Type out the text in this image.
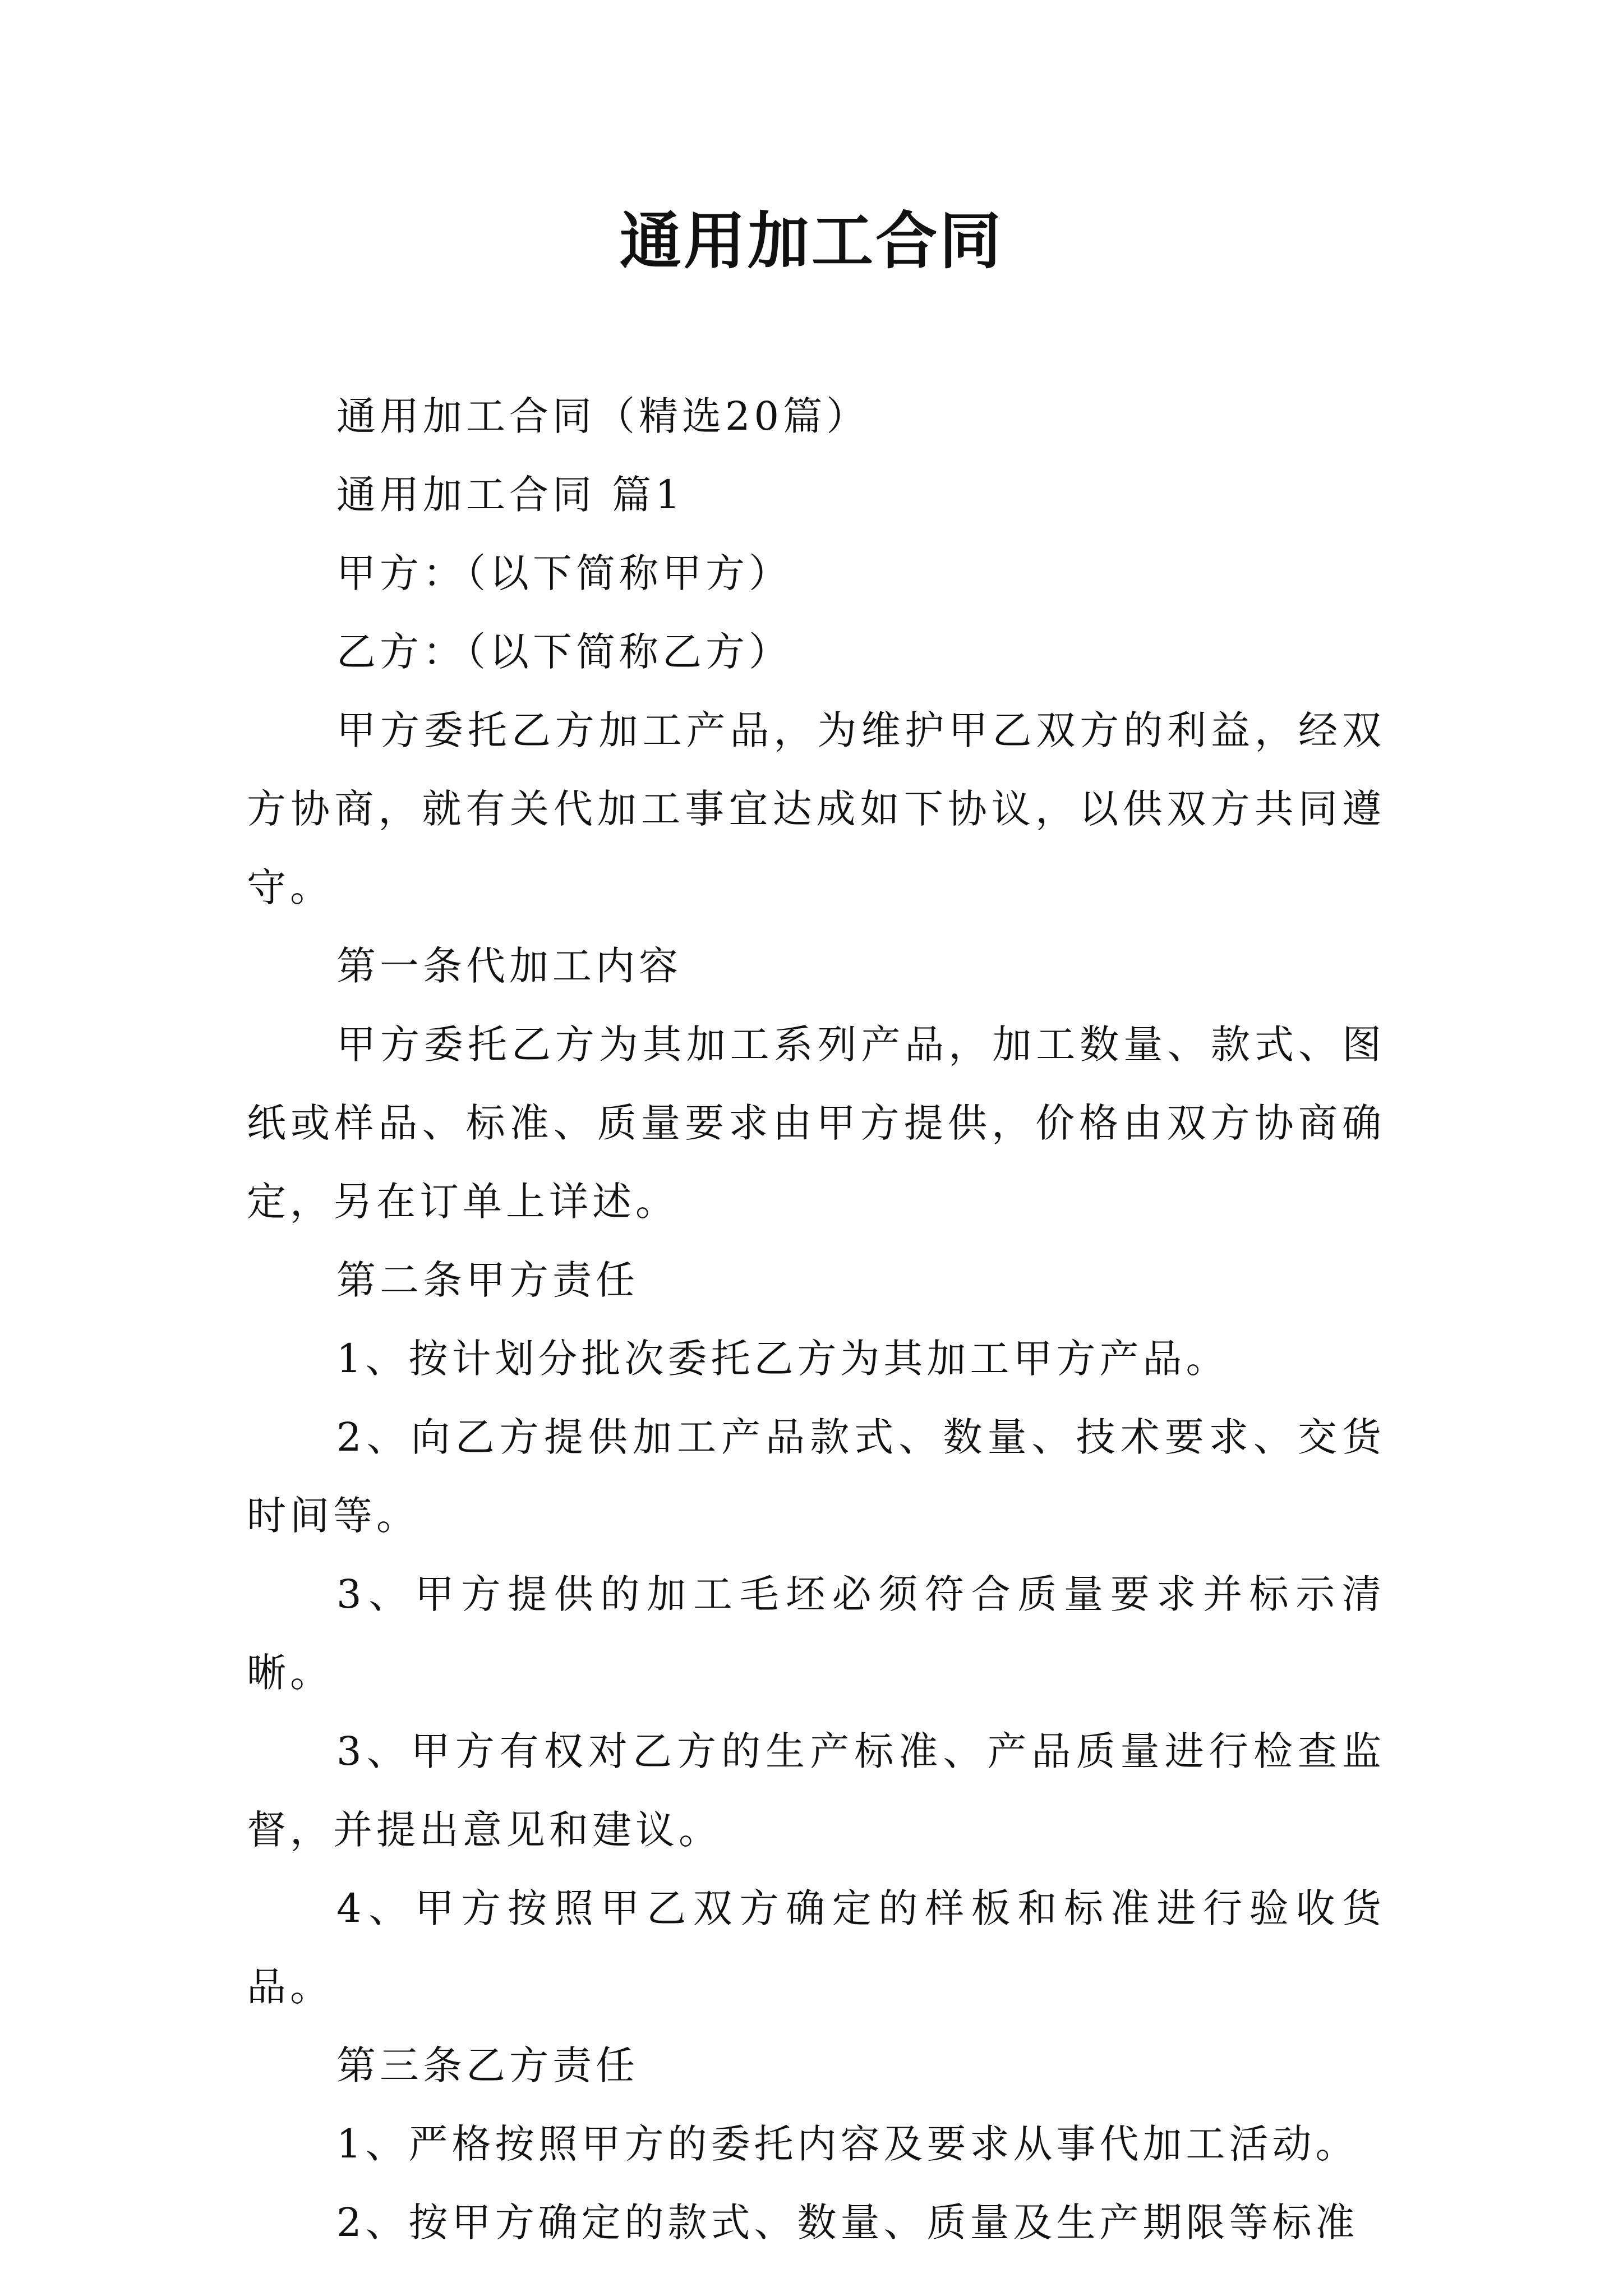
通用加工合同

通用加工合同（精选20篇）

通用加工合同 篇1

甲方：（以下简称甲方）

乙方：（以下简称乙方）

甲方委托乙方加工产品，为维护甲乙双方的利益，经双方协商，就有关代加工事宜达成如下协议，以供双方共同遵守。

第一条代加工内容

甲方委托乙方为其加工系列产品，加工数量、款式、图纸或样品、标准、质量要求由甲方提供，价格由双方协商确定，另在订单上详述。

第二条甲方责任

1、按计划分批次委托乙方为其加工甲方产品。

2、向乙方提供加工产品款式、数量、技术要求、交货时间等。

3、甲方提供的加工毛坯必须符合质量要求并标示清晰。

3、甲方有权对乙方的生产标准、产品质量进行检查监督，并提出意见和建议。

4、甲方按照甲乙双方确定的样板和标准进行验收货品。

第三条乙方责任

1、严格按照甲方的委托内容及要求从事代加工活动。

2、按甲方确定的款式、数量、质量及生产期限等标准
